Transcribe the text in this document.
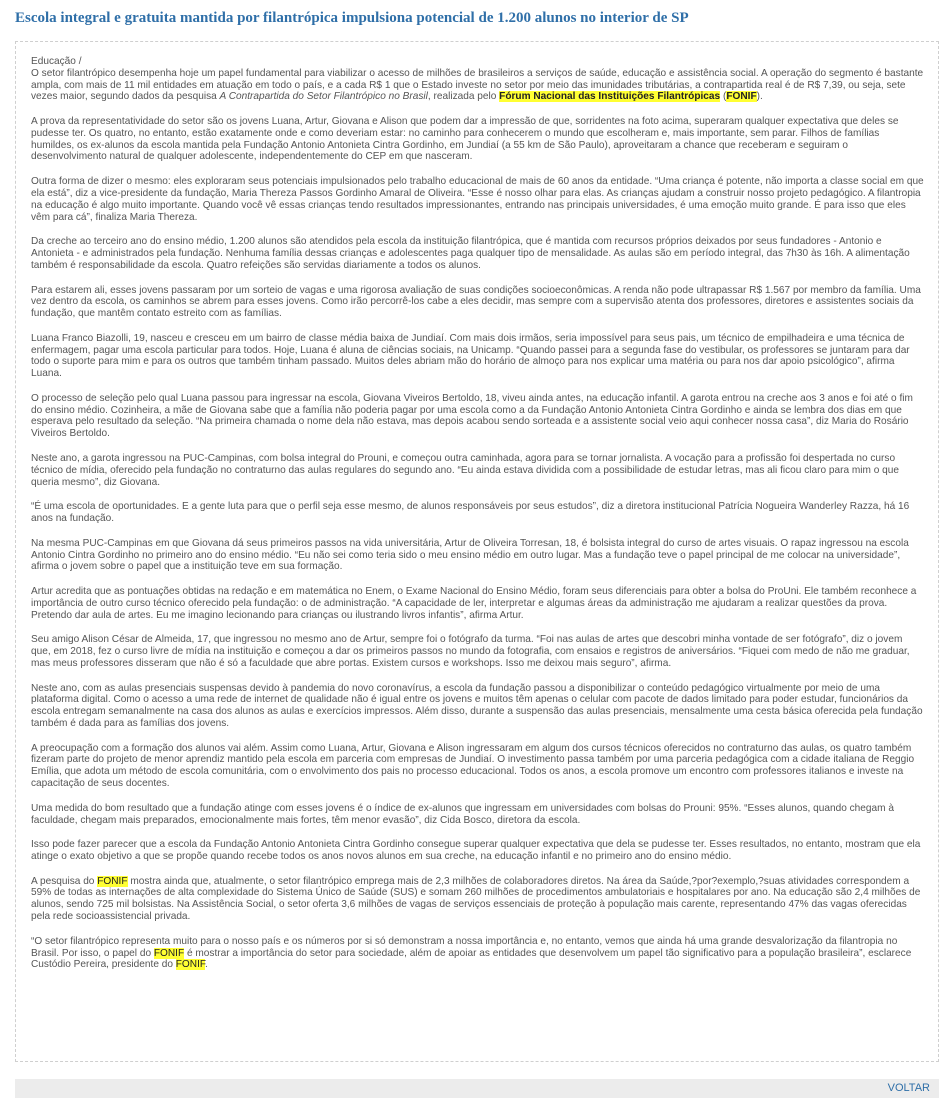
Escola integral e gratuita mantida por filantrópica impulsiona potencial de 1.200 alunos no interior de SP

Educação /
O setor filantrópico desempenha hoje um papel fundamental para viabilizar o acesso de milhões de brasileiros a serviços de saúde, educação e assistência social. A operação do segmento é bastante ampla, com mais de 11 mil entidades em atuação em todo o país, e a cada R$ 1 que o Estado investe no setor por meio das imunidades tributárias, a contrapartida real é de R$ 7,39, ou seja, sete vezes maior, segundo dados da pesquisa A Contrapartida do Setor Filantrópico no Brasil, realizada pelo Fórum Nacional das Instituições Filantrópicas (FONIF).

A prova da representatividade do setor são os jovens Luana, Artur, Giovana e Alison que podem dar a impressão de que, sorridentes na foto acima, superaram qualquer expectativa que deles se pudesse ter. Os quatro, no entanto, estão exatamente onde e como deveriam estar: no caminho para conhecerem o mundo que escolheram e, mais importante, sem parar. Filhos de famílias humildes, os ex-alunos da escola mantida pela Fundação Antonio Antonieta Cintra Gordinho, em Jundiaí (a 55 km de São Paulo), aproveitaram a chance que receberam e seguiram o desenvolvimento natural de qualquer adolescente, independentemente do CEP em que nasceram.

Outra forma de dizer o mesmo: eles exploraram seus potenciais impulsionados pelo trabalho educacional de mais de 60 anos da entidade. “Uma criança é potente, não importa a classe social em que ela está”, diz a vice-presidente da fundação, Maria Thereza Passos Gordinho Amaral de Oliveira. “Esse é nosso olhar para elas. As crianças ajudam a construir nosso projeto pedagógico. A filantropia na educação é algo muito importante. Quando você vê essas crianças tendo resultados impressionantes, entrando nas principais universidades, é uma emoção muito grande. É para isso que eles vêm para cá”, finaliza Maria Thereza.

Da creche ao terceiro ano do ensino médio, 1.200 alunos são atendidos pela escola da instituição filantrópica, que é mantida com recursos próprios deixados por seus fundadores - Antonio e Antonieta - e administrados pela fundação. Nenhuma família dessas crianças e adolescentes paga qualquer tipo de mensalidade. As aulas são em período integral, das 7h30 às 16h. A alimentação também é responsabilidade da escola. Quatro refeições são servidas diariamente a todos os alunos.

Para estarem ali, esses jovens passaram por um sorteio de vagas e uma rigorosa avaliação de suas condições socioeconômicas. A renda não pode ultrapassar R$ 1.567 por membro da família. Uma vez dentro da escola, os caminhos se abrem para esses jovens. Como irão percorrê-los cabe a eles decidir, mas sempre com a supervisão atenta dos professores, diretores e assistentes sociais da fundação, que mantêm contato estreito com as famílias.

Luana Franco Biazolli, 19, nasceu e cresceu em um bairro de classe média baixa de Jundiaí. Com mais dois irmãos, seria impossível para seus pais, um técnico de empilhadeira e uma técnica de enfermagem, pagar uma escola particular para todos. Hoje, Luana é aluna de ciências sociais, na Unicamp. “Quando passei para a segunda fase do vestibular, os professores se juntaram para dar todo o suporte para mim e para os outros que também tinham passado. Muitos deles abriam mão do horário de almoço para nos explicar uma matéria ou para nos dar apoio psicológico”, afirma Luana.

O processo de seleção pelo qual Luana passou para ingressar na escola, Giovana Viveiros Bertoldo, 18, viveu ainda antes, na educação infantil. A garota entrou na creche aos 3 anos e foi até o fim do ensino médio. Cozinheira, a mãe de Giovana sabe que a família não poderia pagar por uma escola como a da Fundação Antonio Antonieta Cintra Gordinho e ainda se lembra dos dias em que esperava pelo resultado da seleção. “Na primeira chamada o nome dela não estava, mas depois acabou sendo sorteada e a assistente social veio aqui conhecer nossa casa”, diz Maria do Rosário Viveiros Bertoldo.

Neste ano, a garota ingressou na PUC-Campinas, com bolsa integral do Prouni, e começou outra caminhada, agora para se tornar jornalista. A vocação para a profissão foi despertada no curso técnico de mídia, oferecido pela fundação no contraturno das aulas regulares do segundo ano. “Eu ainda estava dividida com a possibilidade de estudar letras, mas ali ficou claro para mim o que queria mesmo”, diz Giovana.

“É uma escola de oportunidades. E a gente luta para que o perfil seja esse mesmo, de alunos responsáveis por seus estudos”, diz a diretora institucional Patrícia Nogueira Wanderley Razza, há 16 anos na fundação.

Na mesma PUC-Campinas em que Giovana dá seus primeiros passos na vida universitária, Artur de Oliveira Torresan, 18, é bolsista integral do curso de artes visuais. O rapaz ingressou na escola Antonio Cintra Gordinho no primeiro ano do ensino médio. “Eu não sei como teria sido o meu ensino médio em outro lugar. Mas a fundação teve o papel principal de me colocar na universidade”, afirma o jovem sobre o papel que a instituição teve em sua formação.

Artur acredita que as pontuações obtidas na redação e em matemática no Enem, o Exame Nacional do Ensino Médio, foram seus diferenciais para obter a bolsa do ProUni. Ele também reconhece a importância de outro curso técnico oferecido pela fundação: o de administração. “A capacidade de ler, interpretar e algumas áreas da administração me ajudaram a realizar questões da prova. Pretendo dar aula de artes. Eu me imagino lecionando para crianças ou ilustrando livros infantis”, afirma Artur.

Seu amigo Alison César de Almeida, 17, que ingressou no mesmo ano de Artur, sempre foi o fotógrafo da turma. “Foi nas aulas de artes que descobri minha vontade de ser fotógrafo”, diz o jovem que, em 2018, fez o curso livre de mídia na instituição e começou a dar os primeiros passos no mundo da fotografia, com ensaios e registros de aniversários. “Fiquei com medo de não me graduar, mas meus professores disseram que não é só a faculdade que abre portas. Existem cursos e workshops. Isso me deixou mais seguro”, afirma.

Neste ano, com as aulas presenciais suspensas devido à pandemia do novo coronavírus, a escola da fundação passou a disponibilizar o conteúdo pedagógico virtualmente por meio de uma plataforma digital. Como o acesso a uma rede de internet de qualidade não é igual entre os jovens e muitos têm apenas o celular com pacote de dados limitado para poder estudar, funcionários da escola entregam semanalmente na casa dos alunos as aulas e exercícios impressos. Além disso, durante a suspensão das aulas presenciais, mensalmente uma cesta básica oferecida pela fundação também é dada para as famílias dos jovens.

A preocupação com a formação dos alunos vai além. Assim como Luana, Artur, Giovana e Alison ingressaram em algum dos cursos técnicos oferecidos no contraturno das aulas, os quatro também fizeram parte do projeto de menor aprendiz mantido pela escola em parceria com empresas de Jundiaí. O investimento passa também por uma parceria pedagógica com a cidade italiana de Reggio Emília, que adota um método de escola comunitária, com o envolvimento dos pais no processo educacional. Todos os anos, a escola promove um encontro com professores italianos e investe na capacitação de seus docentes.

Uma medida do bom resultado que a fundação atinge com esses jovens é o índice de ex-alunos que ingressam em universidades com bolsas do Prouni: 95%. “Esses alunos, quando chegam à faculdade, chegam mais preparados, emocionalmente mais fortes, têm menor evasão”, diz Cida Bosco, diretora da escola.

Isso pode fazer parecer que a escola da Fundação Antonio Antonieta Cintra Gordinho consegue superar qualquer expectativa que dela se pudesse ter. Esses resultados, no entanto, mostram que ela atinge o exato objetivo a que se propõe quando recebe todos os anos novos alunos em sua creche, na educação infantil e no primeiro ano do ensino médio.

A pesquisa do FONIF mostra ainda que, atualmente, o setor filantrópico emprega mais de 2,3 milhões de colaboradores diretos. Na área da Saúde,?por?exemplo,?suas atividades correspondem a 59% de todas as internações de alta complexidade do Sistema Único de Saúde (SUS) e somam 260 milhões de procedimentos ambulatoriais e hospitalares por ano. Na educação são 2,4 milhões de alunos, sendo 725 mil bolsistas. Na Assistência Social, o setor oferta 3,6 milhões de vagas de serviços essenciais de proteção à população mais carente, representando 47% das vagas oferecidas pela rede socioassistencial privada.

“O setor filantrópico representa muito para o nosso país e os números por si só demonstram a nossa importância e, no entanto, vemos que ainda há uma grande desvalorização da filantropia no Brasil. Por isso, o papel do FONIF é mostrar a importância do setor para sociedade, além de apoiar as entidades que desenvolvem um papel tão significativo para a população brasileira”, esclarece Custódio Pereira, presidente do FONIF.

VOLTAR
